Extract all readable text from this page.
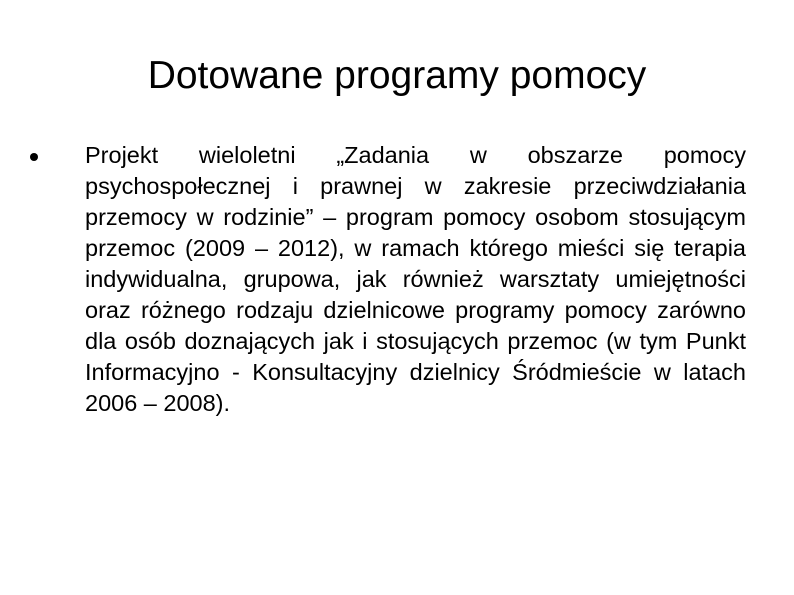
Dotowane programy pomocy
Projekt wieloletni „Zadania w obszarze pomocy psychospołecznej i prawnej w zakresie przeciwdziałania przemocy w rodzinie” – program pomocy osobom stosującym przemoc (2009 – 2012), w ramach którego mieści się terapia indywidualna, grupowa, jak również warsztaty umiejętności oraz różnego rodzaju dzielnicowe programy pomocy zarówno dla osób doznających jak i stosujących przemoc (w tym Punkt Informacyjno - Konsultacyjny dzielnicy Śródmieście w latach 2006 – 2008).
